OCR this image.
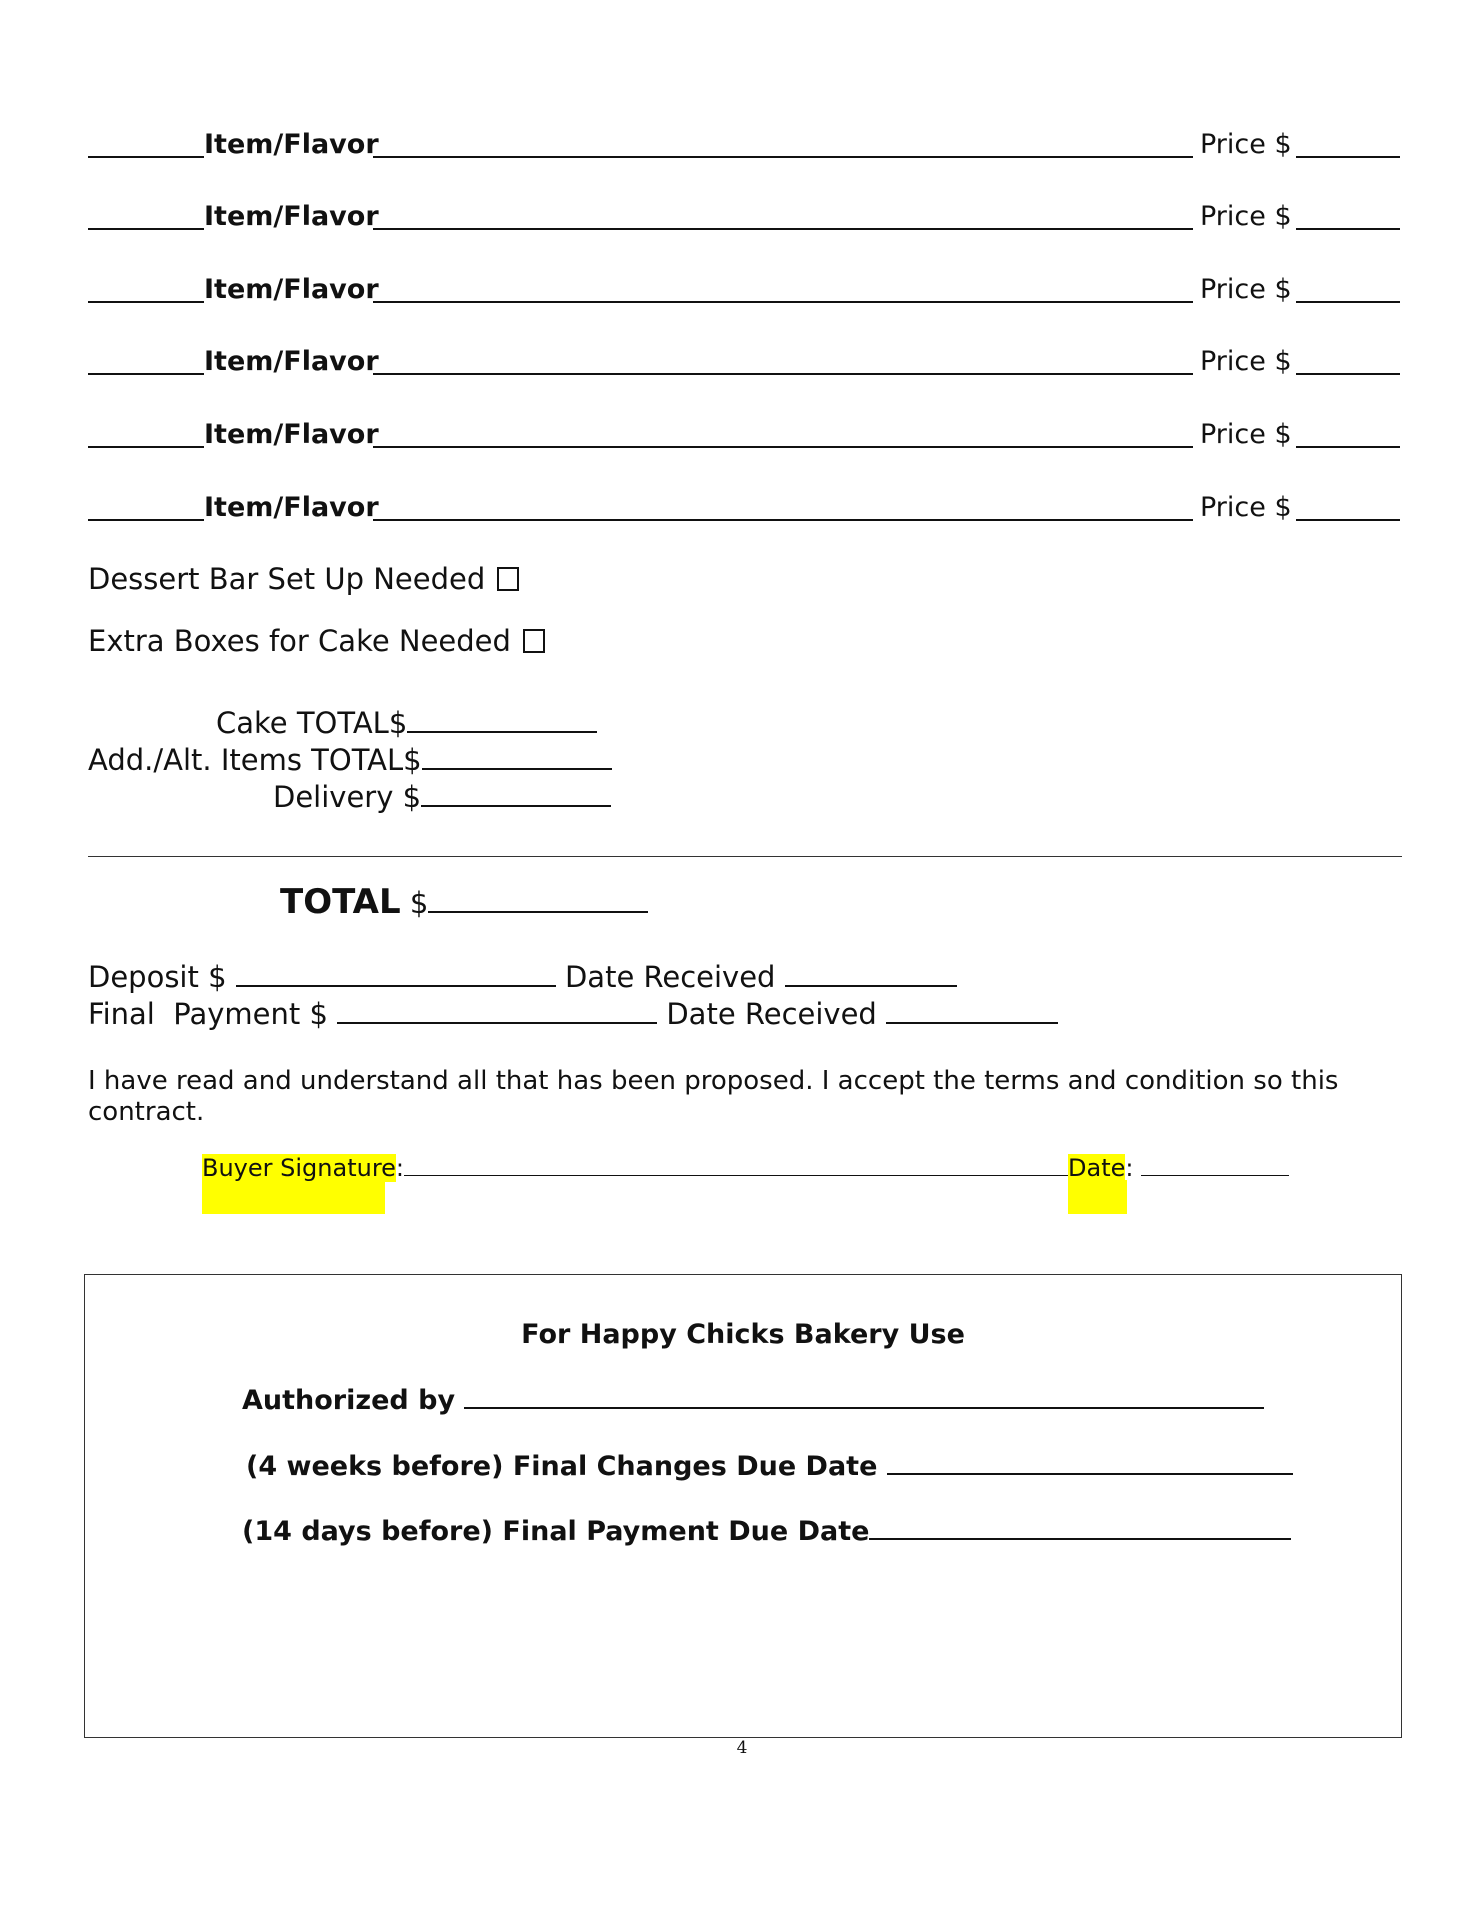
Item/Flavor	Price $
Item/Flavor	Price $
Item/Flavor	Price $
Item/Flavor	Price $
Item/Flavor	Price $
Item/Flavor	Price $
Dessert Bar Set Up Needed
Extra Boxes for Cake Needed
Cake TOTAL$
Add./Alt. Items TOTAL$
Delivery $
TOTAL $
Deposit $	Date Received
Final  Payment $	Date Received
I have read and understand all that has been proposed. I accept the terms and condition so this contract.
Buyer Signature:	Date:
For Happy Chicks Bakery Use
Authorized by
(4 weeks before) Final Changes Due Date
(14 days before) Final Payment Due Date
4
